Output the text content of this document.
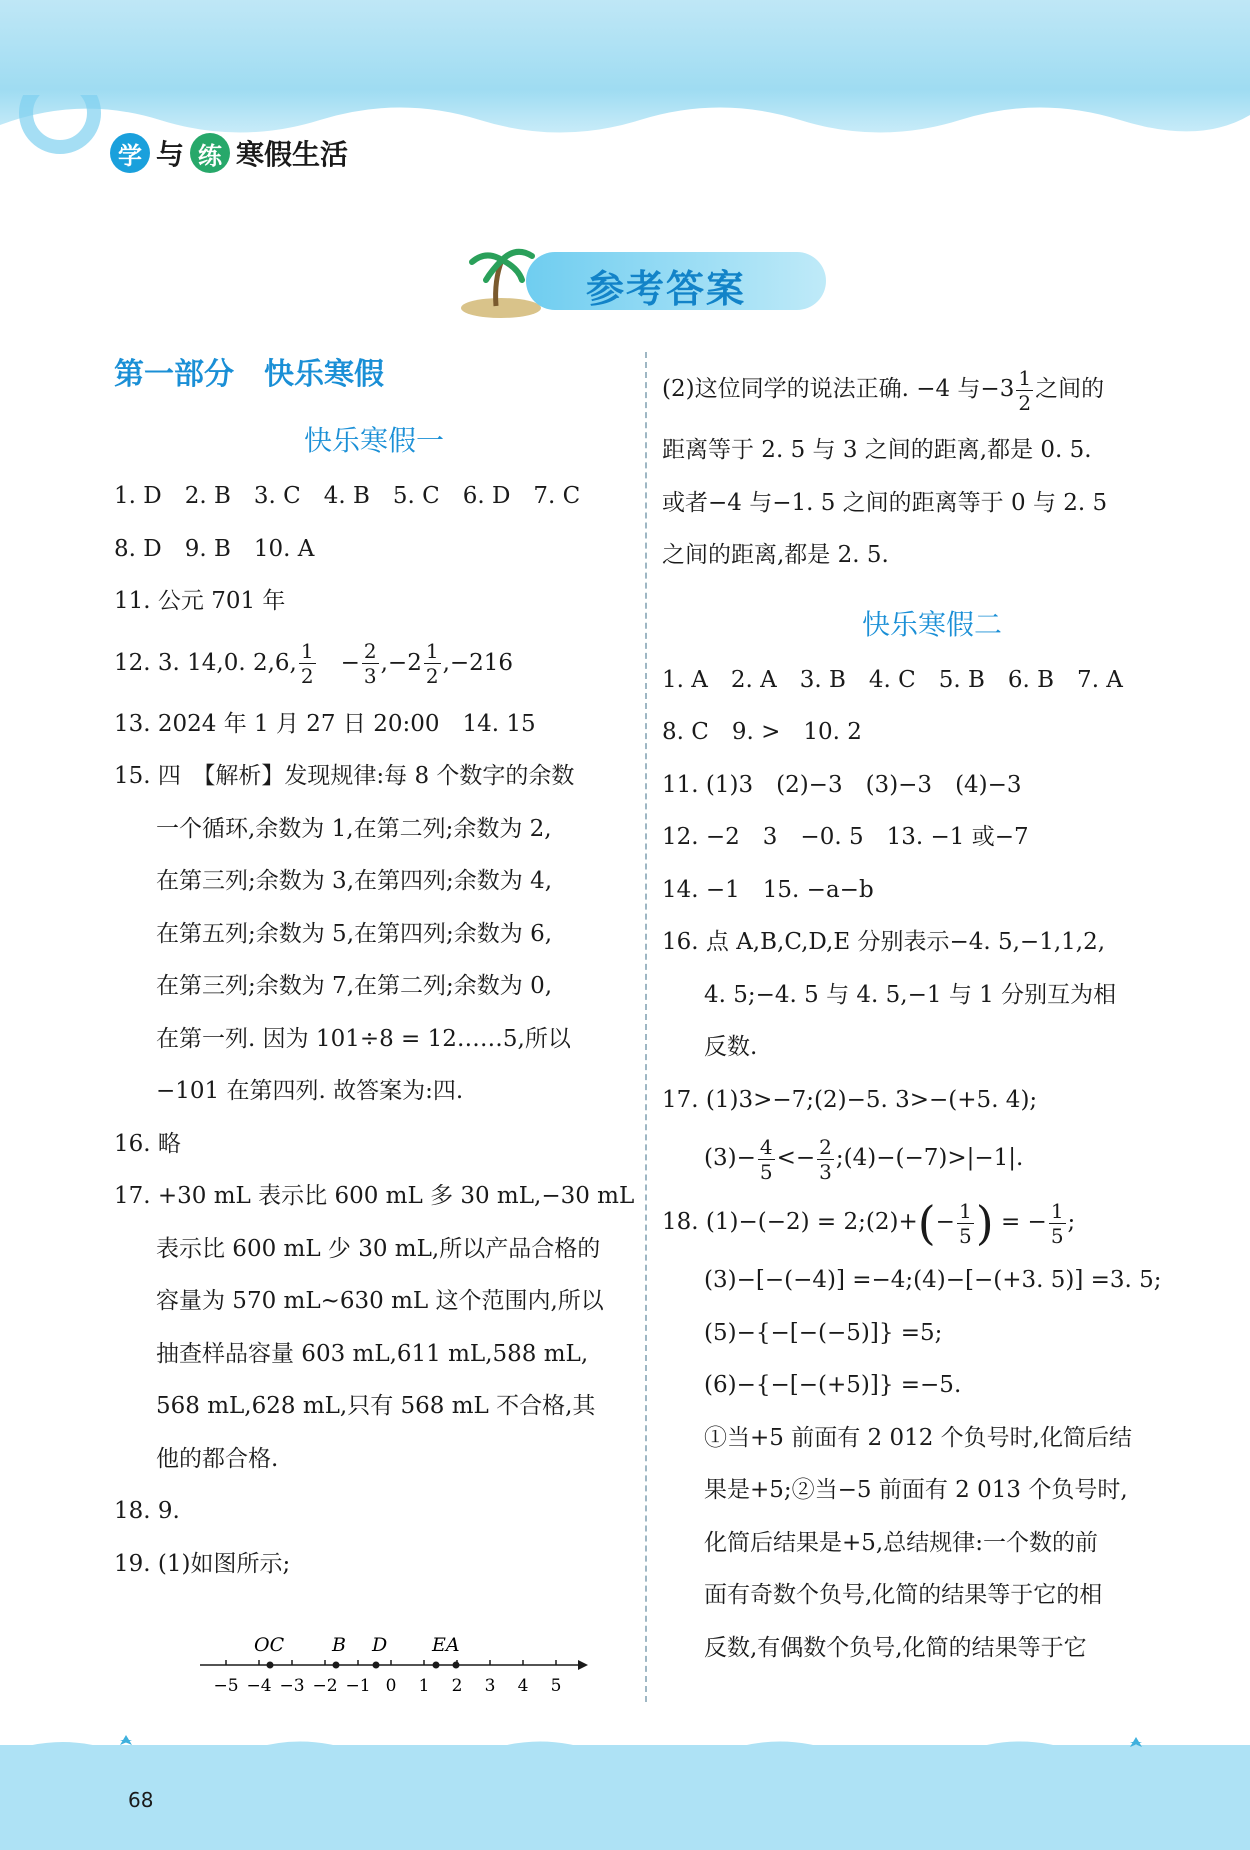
学 与 练 寒假生活
参考答案
第一部分　快乐寒假
快乐寒假一
1. D　2. B　3. C　4. B　5. C　6. D　7. C
8. D　9. B　10. A
11. 公元 701 年
12. 3. 14,0. 2,6, $\frac{1}{2}$ 　− $\frac{2}{3} ,-2 \frac{1}{2} ,-216$
13. 2024 年 1 月 27 日 20:00　14. 15
15. 四　【解析】发现规律:每 8 个数字的余数
一个循环,余数为 1,在第二列;余数为 2,
在第三列;余数为 3,在第四列;余数为 4,
在第五列;余数为 5,在第四列;余数为 6,
在第三列;余数为 7,在第二列;余数为 0,
在第一列. 因为 101÷8 = 12……5,所以
−101 在第四列. 故答案为:四.
16. 略
17. +30 mL 表示比 600 mL 多 30 mL,−30 mL
表示比 600 mL 少 30 mL,所以产品合格的
容量为 570 mL~630 mL 这个范围内,所以
抽查样品容量 603 mL,611 mL,588 mL,
568 mL,628 mL,只有 568 mL 不合格,其
他的都合格.
18. 9.
19. (1)如图所示;
−5 −4 −3 −2 −1 0 1 2 3 4 5
OC	B D EA
(2)这位同学的说法正确. −4 与$-3 \frac{1}{2}$ 之间的
距离等于 2. 5 与 3 之间的距离,都是 0. 5.
或者−4 与−1. 5 之间的距离等于 0 与 2. 5
之间的距离,都是 2. 5.
快乐寒假二
1. A　2. A　3. B　4. C　5. B　6. B　7. A
8. C　9. >　10. 2
11. (1)3　(2)−3　(3)−3　(4)−3
12. −2　3　−0. 5　13. −1 或−7
14. −1　15. −a−b
16. 点 A,B,C,D,E 分别表示−4. 5,−1,1,2,
4. 5;−4. 5 与 4. 5,−1 与 1 分别互为相
反数.
17. (1)3>−7;(2)−5. 3>−(+5. 4);
$(3)- \frac{4}{5} <- \frac{2}{3}$ ;(4)−(−7)>|−1|.
18. (1)−(−2) = 2;(2)+(− $\frac{1}{5}$ ) = − $\frac{1}{5}$ ;
(3)−[−(−4)] =−4;(4)−[−(+3. 5)] =3. 5;
(5)−{−[−(−5)]} =5;
(6)−{−[−(+5)]} =−5.
①当+5 前面有 2 012 个负号时,化简后结
果是+5;②当−5 前面有 2 013 个负号时,
化简后结果是+5,总结规律:一个数的前
面有奇数个负号,化简的结果等于它的相
反数,有偶数个负号,化简的结果等于它
68
